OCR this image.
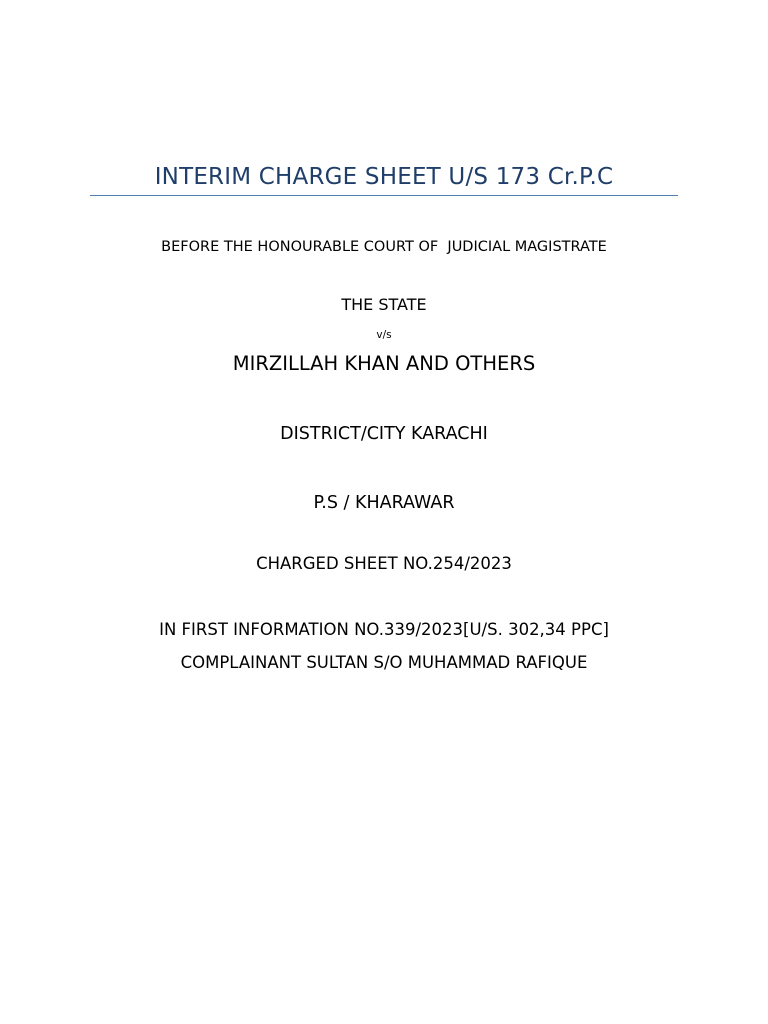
INTERIM CHARGE SHEET U/S 173 Cr.P.C
BEFORE THE HONOURABLE COURT OF  JUDICIAL MAGISTRATE
THE STATE
v/s
MIRZILLAH KHAN AND OTHERS
DISTRICT/CITY KARACHI
P.S / KHARAWAR
CHARGED SHEET NO.254/2023
IN FIRST INFORMATION NO.339/2023[U/S. 302,34 PPC]
COMPLAINANT SULTAN S/O MUHAMMAD RAFIQUE
